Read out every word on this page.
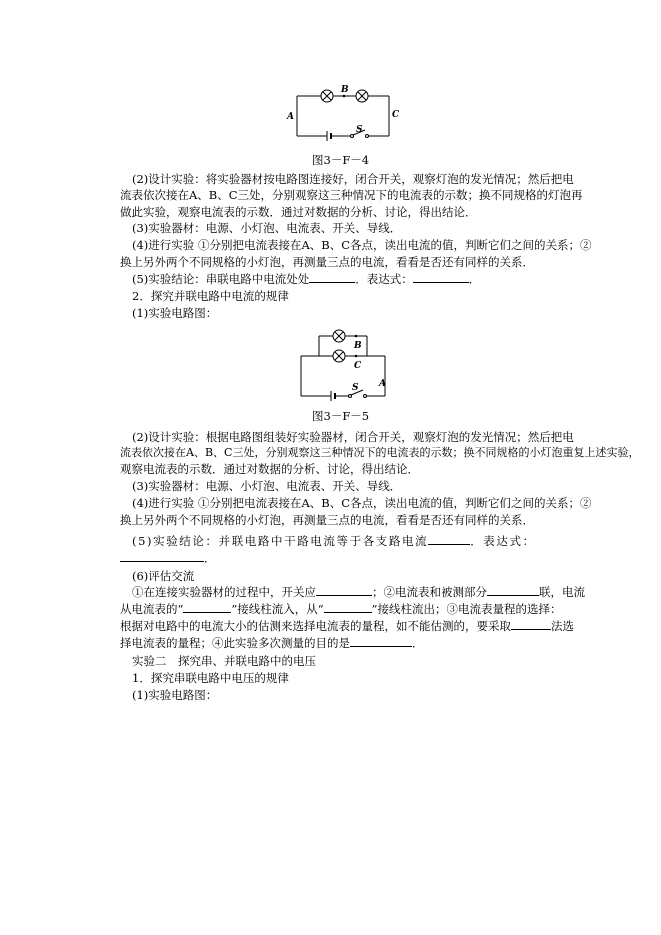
B
A	C
S
图3－F－4
(2)设计实验：将实验器材按电路图连接好，闭合开关，观察灯泡的发光情况；然后把电
流表依次接在A、B、C三处，分别观察这三种情况下的电流表的示数；换不同规格的灯泡再
做此实验，观察电流表的示数．通过对数据的分析、讨论，得出结论．
(3)实验器材：电源、小灯泡、电流表、开关、导线．
(4)进行实验 ①分别把电流表接在A、B、C各点，读出电流的值，判断它们之间的关系；②
换上另外两个不同规格的小灯泡，再测量三点的电流，看看是否还有同样的关系．
(5)实验结论：串联电路中电流处处	．表达式：	．
2．探究并联电路中电流的规律
(1)实验电路图：
B
C
A
S
图3－F－5
(2)设计实验：根据电路图组装好实验器材，闭合开关，观察灯泡的发光情况；然后把电
流表依次接在A、B、C三处，分别观察这三种情况下的电流表的示数；换不同规格的小灯泡重复上述实验，
观察电流表的示数．通过对数据的分析、讨论，得出结论．
(3)实验器材：电源、小灯泡、电流表、开关、导线．
(4)进行实验 ①分别把电流表接在A、B、C各点，读出电流的值，判断它们之间的关系；②
换上另外两个不同规格的小灯泡，再测量三点的电流，看看是否还有同样的关系．
(5)实验结论：并联电路中干路电流等于各支路电流	．表达式：
．
(6)评估交流
①在连接实验器材的过程中，开关应	；②电流表和被测部分	联，电流
从电流表的“	”接线柱流入，从“	”接线柱流出；③电流表量程的选择：
根据对电路中的电流大小的估测来选择电流表的量程，如不能估测的，要采取	法选
择电流表的量程；④此实验多次测量的目的是	．
实验二　探究串、并联电路中的电压
1．探究串联电路中电压的规律
(1)实验电路图：
